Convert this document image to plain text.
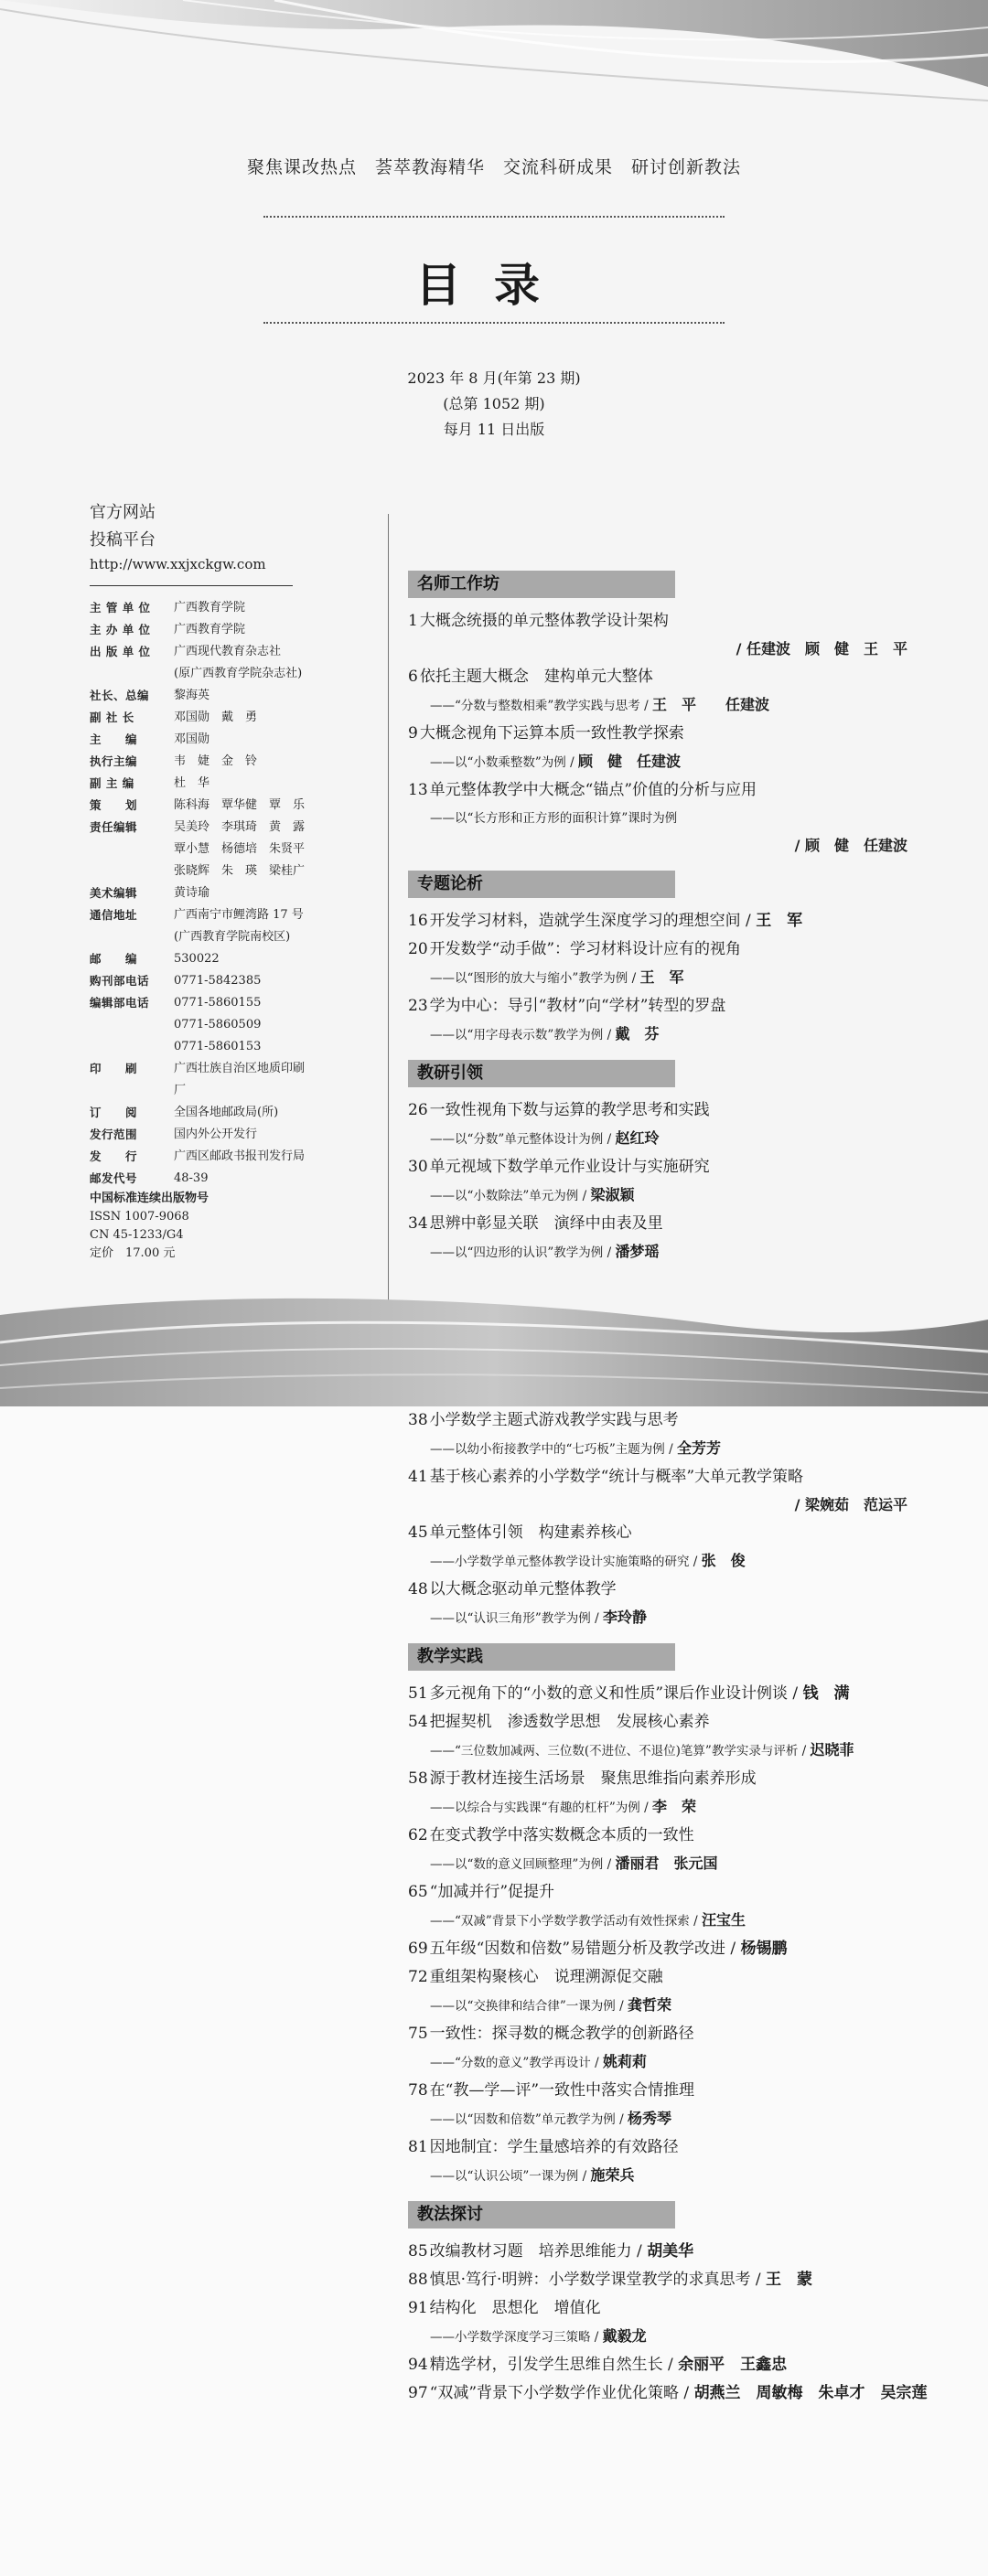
聚焦课改热点　荟萃教海精华　交流科研成果　研讨创新教法
目录
2023 年 8 月(年第 23 期)
(总第 1052 期)
每月 11 日出版
官方网站
投稿平台
http://www.xxjxckgw.com
主 管 单 位	广西教育学院
主 办 单 位	广西教育学院
出 版 单 位	广西现代教育杂志社
(原广西教育学院杂志社)
社长、总编	黎海英
副 社 长	邓国勋　戴　勇
主　　编	邓国勋
执行主编	韦　婕　金　铃
副 主 编	杜　华
策　　划	陈科海　覃华健　覃　乐
责任编辑	吴美玲　李琪琦　黄　露
覃小慧　杨德培　朱贤平
张晓辉　朱　瑛　梁桂广
美术编辑	黄诗瑜
通信地址	广西南宁市鲤湾路 17 号
(广西教育学院南校区)
邮　　编	530022
购刊部电话	0771-5842385
编辑部电话	0771-5860155
0771-5860509
0771-5860153
印　　刷	广西壮族自治区地质印刷厂
订　　阅	全国各地邮政局(所)
发行范围	国内外公开发行
发　　行	广西区邮政书报刊发行局
邮发代号	48-39
中国标准连续出版物号
ISSN 1007-9068
CN 45-1233/G4
定价　17.00 元
名师工作坊
1 大概念统摄的单元整体教学设计架构
/ 任建波　顾　健　王　平
6 依托主题大概念　建构单元大整体
——“分数与整数相乘”教学实践与思考 / 王　平　　任建波
9 大概念视角下运算本质一致性教学探索
——以“小数乘整数”为例 / 顾　健　任建波
13 单元整体教学中大概念“锚点”价值的分析与应用
——以“长方形和正方形的面积计算”课时为例
/ 顾　健　任建波
专题论析
16 开发学习材料，造就学生深度学习的理想空间 / 王　军
20 开发数学“动手做”：学习材料设计应有的视角
——以“图形的放大与缩小”教学为例 / 王　军
23 学为中心：导引“教材”向“学材”转型的罗盘
——以“用字母表示数”教学为例 / 戴　芬
教研引领
26 一致性视角下数与运算的教学思考和实践
——以“分数”单元整体设计为例 / 赵红玲
30 单元视域下数学单元作业设计与实施研究
——以“小数除法”单元为例 / 梁淑颖
34 思辨中彰显关联　演绎中由表及里
——以“四边形的认识”教学为例 / 潘梦瑶
38 小学数学主题式游戏教学实践与思考
——以幼小衔接教学中的“七巧板”主题为例 / 全芳芳
41 基于核心素养的小学数学“统计与概率”大单元教学策略
/ 梁婉茹　范运平
45 单元整体引领　构建素养核心
——小学数学单元整体教学设计实施策略的研究 / 张　俊
48 以大概念驱动单元整体教学
——以“认识三角形”教学为例 / 李玲静
教学实践
51 多元视角下的“小数的意义和性质”课后作业设计例谈 / 钱　满
54 把握契机　渗透数学思想　发展核心素养
——“三位数加减两、三位数(不进位、不退位)笔算”教学实录与评析 / 迟晓菲
58 源于教材连接生活场景　聚焦思维指向素养形成
——以综合与实践课“有趣的杠杆”为例 / 李　荣
62 在变式教学中落实数概念本质的一致性
——以“数的意义回顾整理”为例 / 潘丽君　张元国
65 “加减并行”促提升
——“双减”背景下小学数学教学活动有效性探索 / 汪宝生
69 五年级“因数和倍数”易错题分析及教学改进 / 杨锡鹏
72 重组架构聚核心　说理溯源促交融
——以“交换律和结合律”一课为例 / 龚哲荣
75 一致性：探寻数的概念教学的创新路径
——“分数的意义”教学再设计 / 姚莉莉
78 在“教—学—评”一致性中落实合情推理
——以“因数和倍数”单元教学为例 / 杨秀琴
81 因地制宜：学生量感培养的有效路径
——以“认识公顷”一课为例 / 施荣兵
教法探讨
85 改编教材习题　培养思维能力 / 胡美华
88 慎思·笃行·明辨：小学数学课堂教学的求真思考 / 王　蒙
91 结构化　思想化　增值化
——小学数学深度学习三策略 / 戴毅龙
94 精选学材，引发学生思维自然生长 / 余丽平　王鑫忠
97 “双减”背景下小学数学作业优化策略 / 胡燕兰　周敏梅　朱卓才　吴宗莲
